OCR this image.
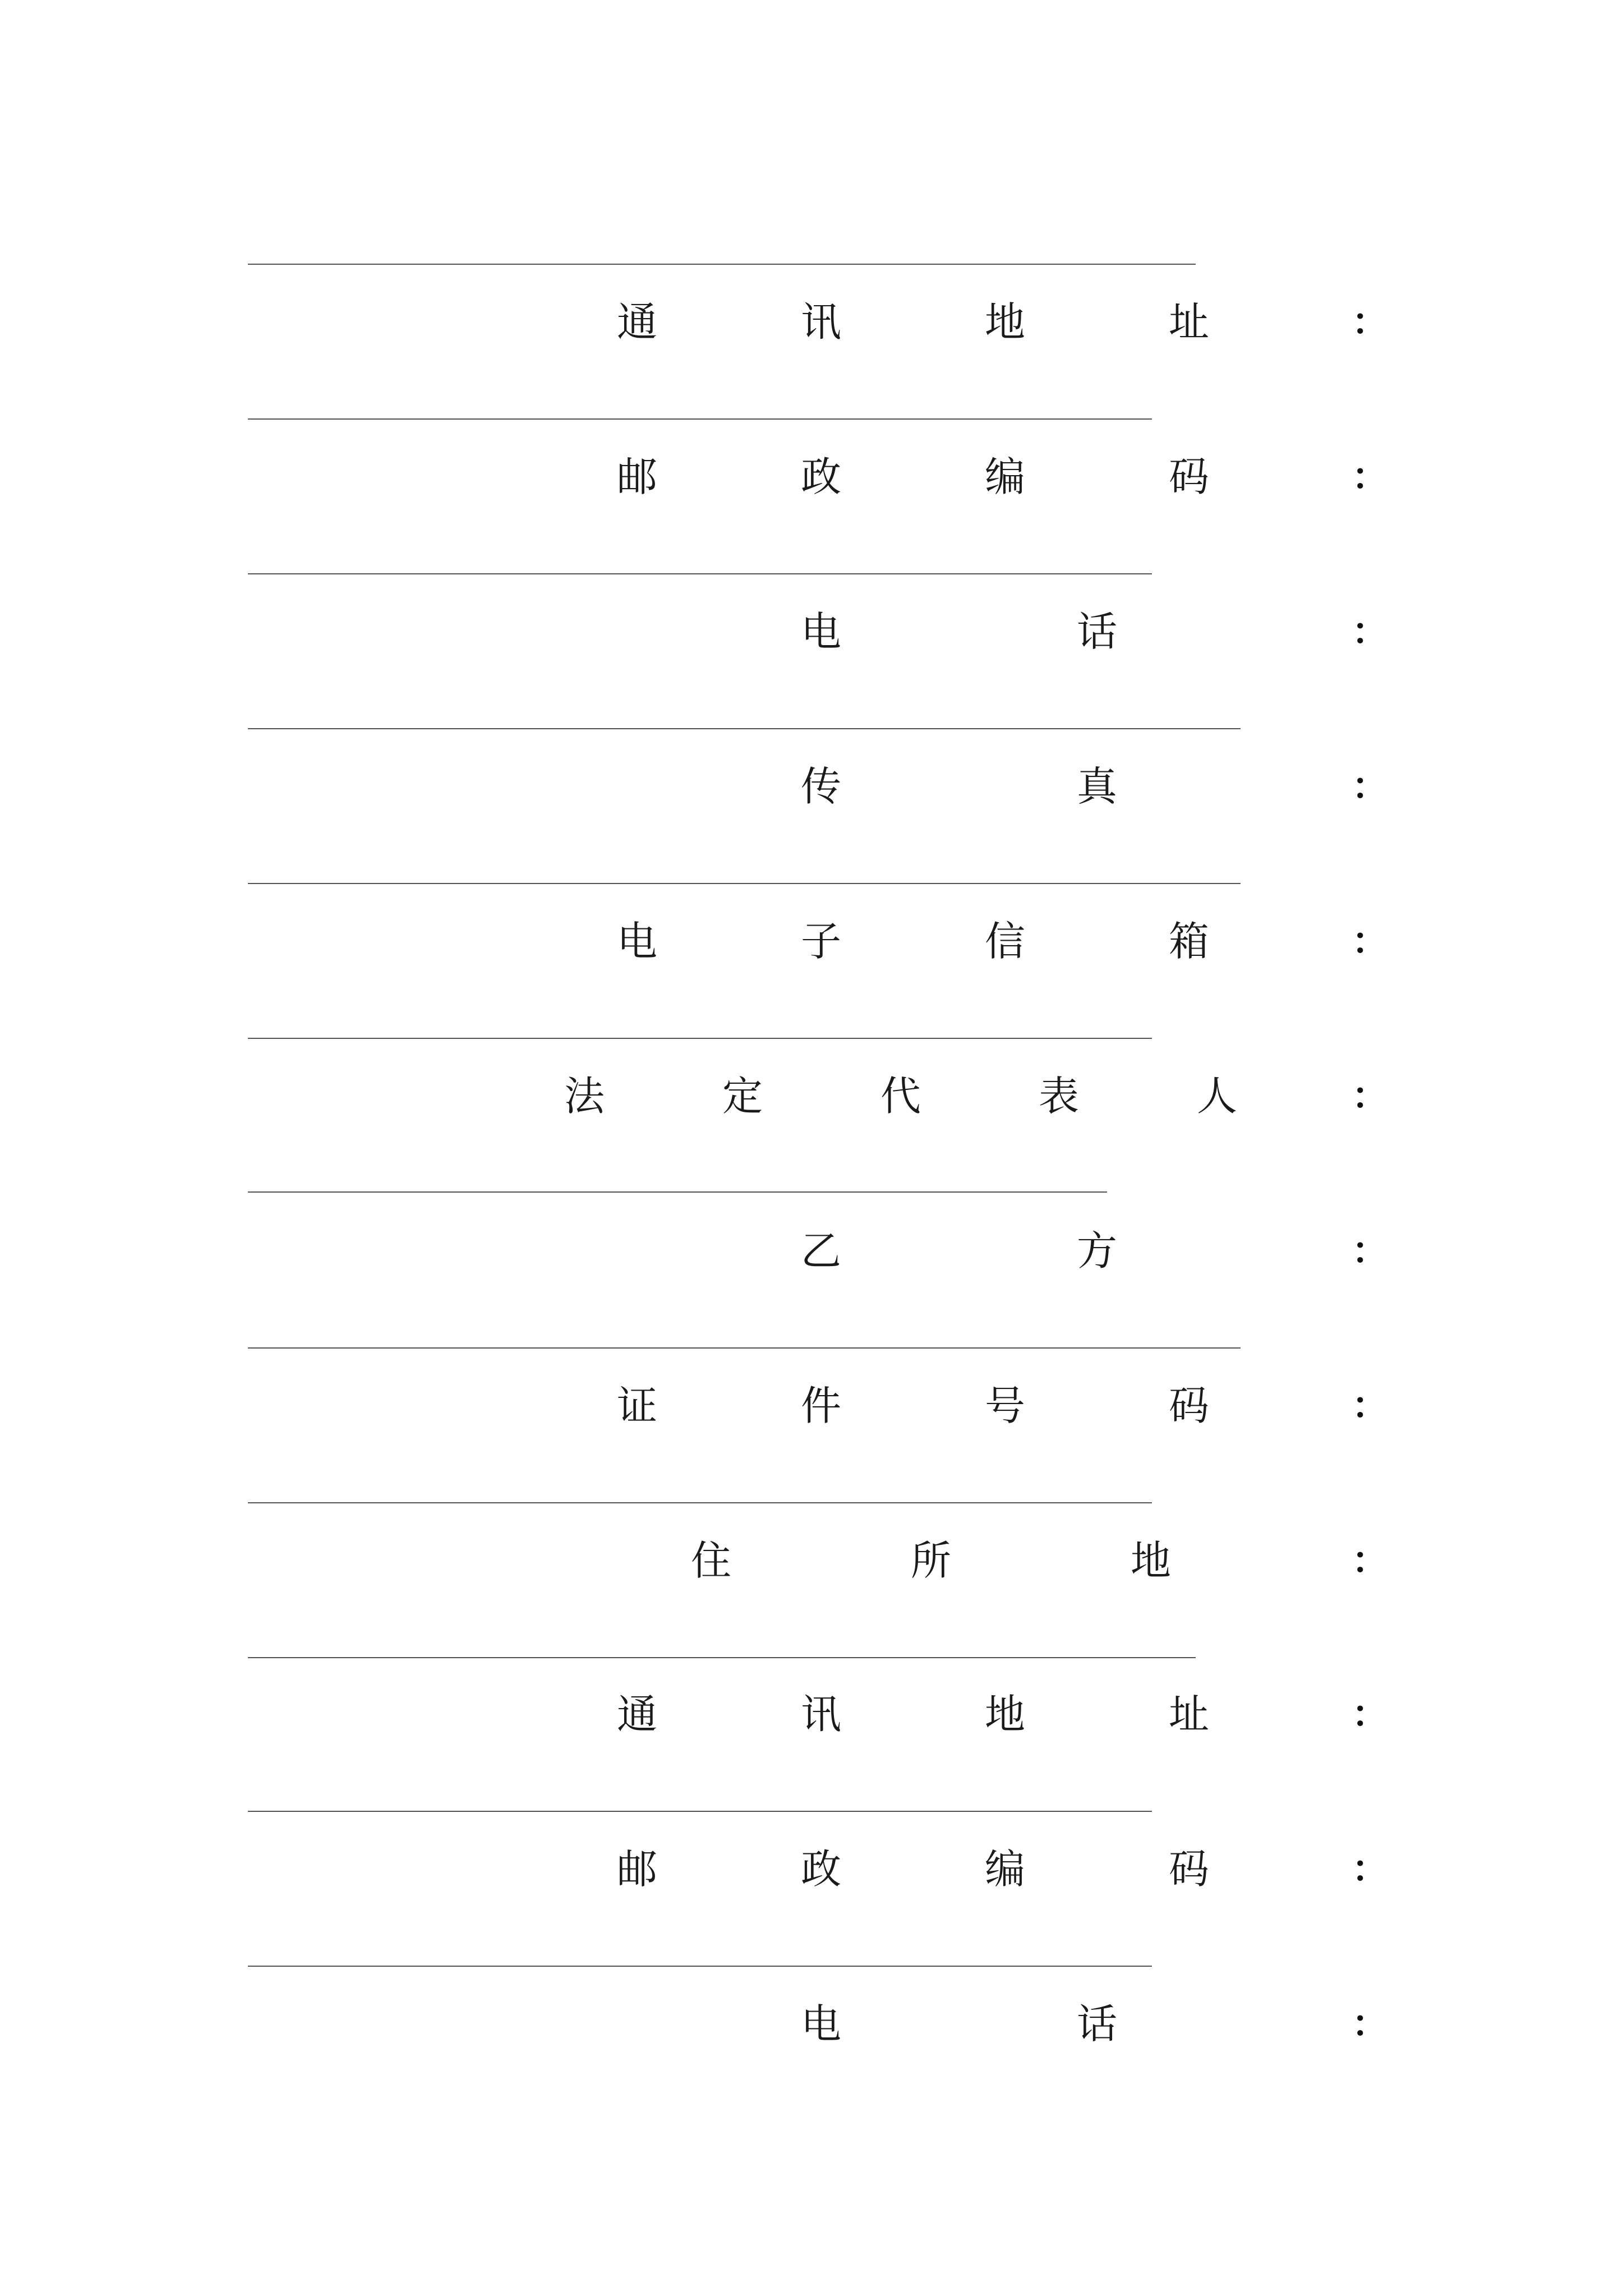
通	讯	地	址	：
邮	政	编	码	：
电	话	：
传	真	：
电	子	信	箱	：
法	定	代	表	人	：
乙	方	：
证	件	号	码	：
住	所	地	：
通	讯	地	址	：
邮	政	编	码	：
电	话	：
